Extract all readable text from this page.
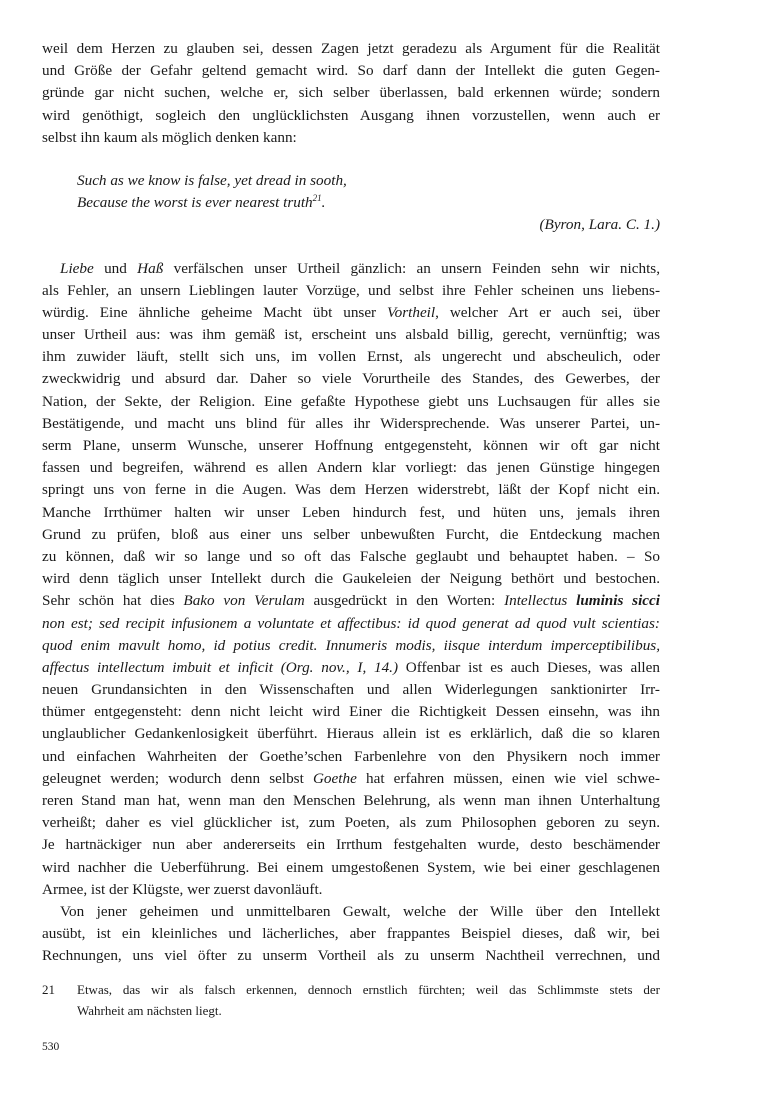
weil dem Herzen zu glauben sei, dessen Zagen jetzt geradezu als Argument für die Realität
und Größe der Gefahr geltend gemacht wird. So darf dann der Intellekt die guten Gegen-
gründe gar nicht suchen, welche er, sich selber überlassen, bald erkennen würde; sondern
wird genöthigt, sogleich den unglücklichsten Ausgang ihnen vorzustellen, wenn auch er
selbst ihn kaum als möglich denken kann:
Such as we know is false, yet dread in sooth,
Because the worst is ever nearest truth$^{21}$.
(Byron, Lara. C. 1.)
Liebe und Haß verfälschen unser Urtheil gänzlich: an unsern Feinden sehn wir nichts,
als Fehler, an unsern Lieblingen lauter Vorzüge, und selbst ihre Fehler scheinen uns liebens-
würdig. Eine ähnliche geheime Macht übt unser Vortheil, welcher Art er auch sei, über
unser Urtheil aus: was ihm gemäß ist, erscheint uns alsbald billig, gerecht, vernünftig; was
ihm zuwider läuft, stellt sich uns, im vollen Ernst, als ungerecht und abscheulich, oder
zweckwidrig und absurd dar. Daher so viele Vorurtheile des Standes, des Gewerbes, der
Nation, der Sekte, der Religion. Eine gefaßte Hypothese giebt uns Luchsaugen für alles sie
Bestätigende, und macht uns blind für alles ihr Widersprechende. Was unserer Partei, un-
serm Plane, unserm Wunsche, unserer Hoffnung entgegensteht, können wir oft gar nicht
fassen und begreifen, während es allen Andern klar vorliegt: das jenen Günstige hingegen
springt uns von ferne in die Augen. Was dem Herzen widerstrebt, läßt der Kopf nicht ein.
Manche Irrthümer halten wir unser Leben hindurch fest, und hüten uns, jemals ihren
Grund zu prüfen, bloß aus einer uns selber unbewußten Furcht, die Entdeckung machen
zu können, daß wir so lange und so oft das Falsche geglaubt und behauptet haben. – So
wird denn täglich unser Intellekt durch die Gaukeleien der Neigung bethört und bestochen.
Sehr schön hat dies Bako von Verulam ausgedrückt in den Worten: Intellectus luminis sicci
non est; sed recipit infusionem a voluntate et affectibus: id quod generat ad quod vult scientias:
quod enim mavult homo, id potius credit. Innumeris modis, iisque interdum imperceptibilibus,
affectus intellectum imbuit et inficit (Org. nov., I, 14.) Offenbar ist es auch Dieses, was allen
neuen Grundansichten in den Wissenschaften und allen Widerlegungen sanktionirter Irr-
thümer entgegensteht: denn nicht leicht wird Einer die Richtigkeit Dessen einsehn, was ihn
unglaublicher Gedankenlosigkeit überführt. Hieraus allein ist es erklärlich, daß die so klaren
und einfachen Wahrheiten der Goethe’schen Farbenlehre von den Physikern noch immer
geleugnet werden; wodurch denn selbst Goethe hat erfahren müssen, einen wie viel schwe-
reren Stand man hat, wenn man den Menschen Belehrung, als wenn man ihnen Unterhaltung
verheißt; daher es viel glücklicher ist, zum Poeten, als zum Philosophen geboren zu seyn.
Je hartnäckiger nun aber andererseits ein Irrthum festgehalten wurde, desto beschämender
wird nachher die Ueberführung. Bei einem umgestoßenen System, wie bei einer geschlagenen
Armee, ist der Klügste, wer zuerst davonläuft.
Von jener geheimen und unmittelbaren Gewalt, welche der Wille über den Intellekt
ausübt, ist ein kleinliches und lächerliches, aber frappantes Beispiel dieses, daß wir, bei
Rechnungen, uns viel öfter zu unserm Vortheil als zu unserm Nachtheil verrechnen, und
21 Etwas, das wir als falsch erkennen, dennoch ernstlich fürchten; weil das Schlimmste stets der
Wahrheit am nächsten liegt.
530
